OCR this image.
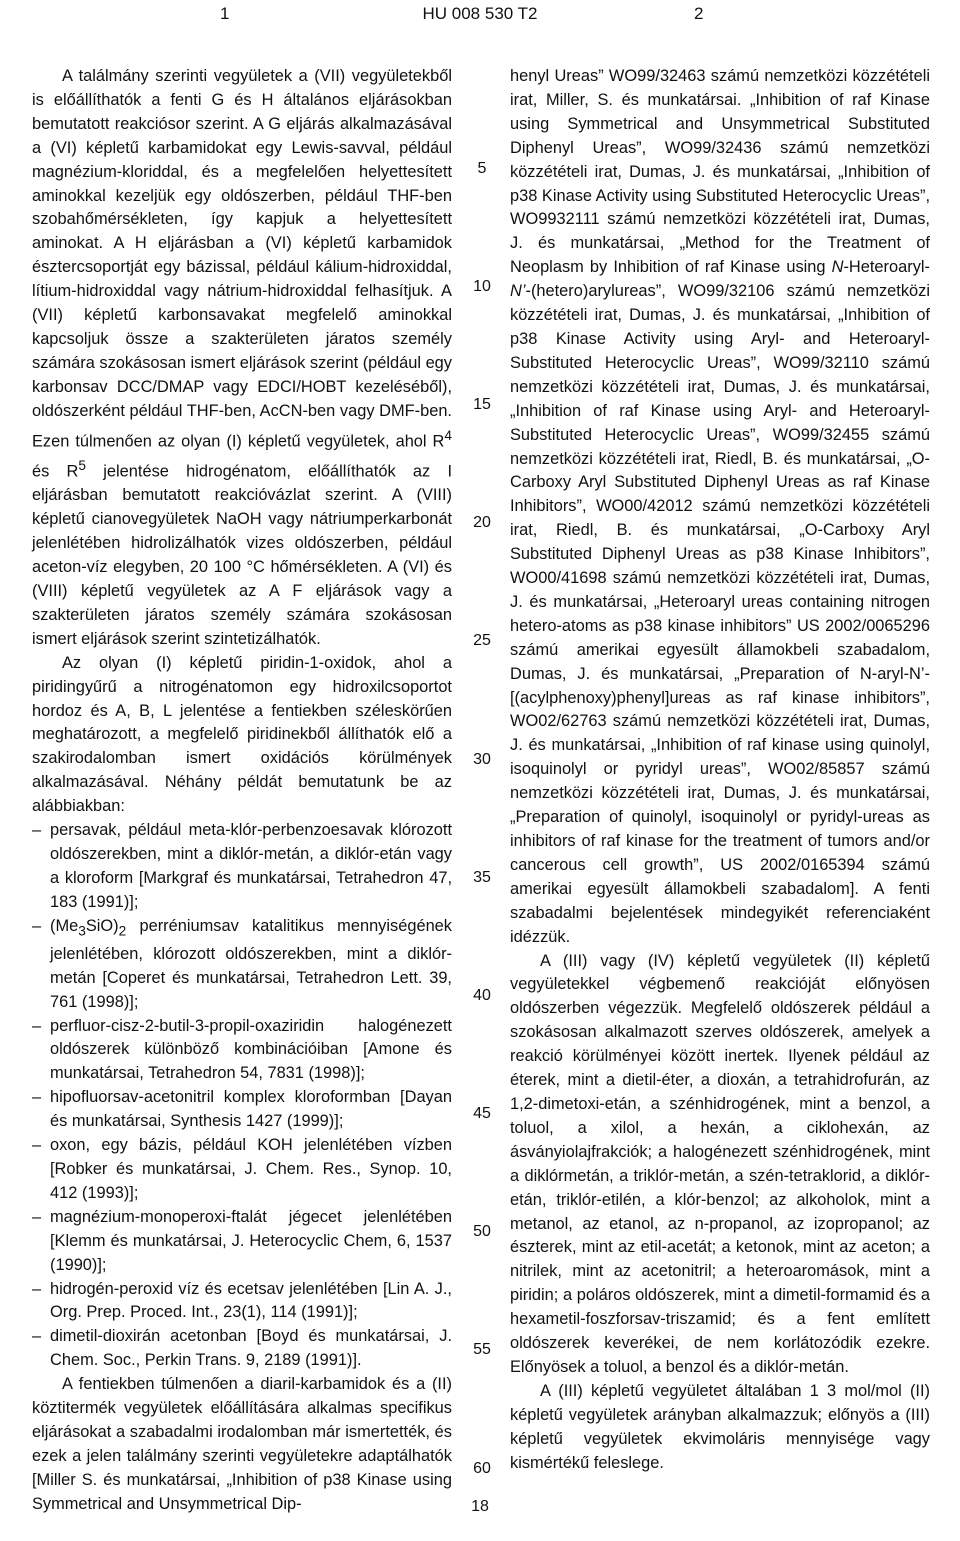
1	HU 008 530 T2	2

A találmány szerinti vegyületek a (VII) vegyületekből is előállíthatók a fenti G és H általános eljárásokban bemutatott reakciósor szerint. A G eljárás alkalmazásával a (VI) képletű karbamidokat egy Lewis-savval, például magnézium-kloriddal, és a megfelelően helyettesített aminokkal kezeljük egy oldószerben, például THF-ben szobahőmérsékleten, így kapjuk a helyettesített aminokat. A H eljárásban a (VI) képletű karbamidok észtercsoportját egy bázissal, például kálium-hidroxiddal, lítium-hidroxiddal vagy nátrium-hidroxiddal felhasítjuk. A (VII) képletű karbonsavakat megfelelő aminokkal kapcsoljuk össze a szakterületen járatos személy számára szokásosan ismert eljárások szerint (például egy karbonsav DCC/DMAP vagy EDCI/HOBT kezeléséből), oldószerként például THF-ben, AcCN-ben vagy DMF-ben. Ezen túlmenően az olyan (I) képletű vegyületek, ahol $R^4$ és $R^5$ jelentése hidrogénatom, előállíthatók az I eljárásban bemutatott reakcióvázlat szerint. A (VIII) képletű cianovegyületek NaOH vagy nátriumperkarbonát jelenlétében hidrolizálhatók vizes oldószerben, például aceton-víz elegyben, 20 100 °C hőmérsékleten. A (VI) és (VIII) képletű vegyületek az A F eljárások vagy a szakterületen járatos személy számára szokásosan ismert eljárások szerint szintetizálhatók.

Az olyan (I) képletű piridin-1-oxidok, ahol a piridingyűrű a nitrogénatomon egy hidroxilcsoportot hordoz és A, B, L jelentése a fentiekben széleskörűen meghatározott, a megfelelő piridinekből állíthatók elő a szakirodalomban ismert oxidációs körülmények alkalmazásával. Néhány példát bemutatunk be az alábbiakban:

– persavak, például meta-klór-perbenzoesavak klórozott oldószerekben, mint a diklór-metán, a diklór-etán vagy a kloroform [Markgraf és munkatársai, Tetrahedron 47, 183 (1991)];
– $(Me_3SiO)_2$ perréniumsav katalitikus mennyiségének jelenlétében, klórozott oldószerekben, mint a diklór-metán [Coperet és munkatársai, Tetrahedron Lett. 39, 761 (1998)];
– perfluor-cisz-2-butil-3-propil-oxaziridin halogénezett oldószerek különböző kombinációiban [Amone és munkatársai, Tetrahedron 54, 7831 (1998)];
– hipofluorsav-acetonitril komplex kloroformban [Dayan és munkatársai, Synthesis 1427 (1999)];
– oxon, egy bázis, például KOH jelenlétében vízben [Robker és munkatársai, J. Chem. Res., Synop. 10, 412 (1993)];
– magnézium-monoperoxi-ftalát jégecet jelenlétében [Klemm és munkatársai, J. Heterocyclic Chem, 6, 1537 (1990)];
– hidrogén-peroxid víz és ecetsav jelenlétében [Lin A. J., Org. Prep. Proced. Int., 23(1), 114 (1991)];
– dimetil-dioxirán acetonban [Boyd és munkatársai, J. Chem. Soc., Perkin Trans. 9, 2189 (1991)].

A fentiekben túlmenően a diaril-karbamidok és a (II) köztitermék vegyületek előállítására alkalmas specifikus eljárásokat a szabadalmi irodalomban már ismertették, és ezek a jelen találmány szerinti vegyületekre adaptálhatók [Miller S. és munkatársai, „Inhibition of p38 Kinase using Symmetrical and Unsymmetrical Dip-

5
10
15
20
25
30
35
40
45
50
55
60

henyl Ureas” WO99/32463 számú nemzetközi közzétételi irat, Miller, S. és munkatársai. „Inhibition of raf Kinase using Symmetrical and Unsymmetrical Substituted Diphenyl Ureas”, WO99/32436 számú nemzetközi közzétételi irat, Dumas, J. és munkatársai, „Inhibition of p38 Kinase Activity using Substituted Heterocyclic Ureas”, WO9932111 számú nemzetközi közzétételi irat, Dumas, J. és munkatársai, „Method for the Treatment of Neoplasm by Inhibition of raf Kinase using N-Heteroaryl-N’-(hetero)arylureas”, WO99/32106 számú nemzetközi közzétételi irat, Dumas, J. és munkatársai, „Inhibition of p38 Kinase Activity using Aryl- and Heteroaryl- Substituted Heterocyclic Ureas”, WO99/32110 számú nemzetközi közzétételi irat, Dumas, J. és munkatársai, „Inhibition of raf Kinase using Aryl- and Heteroaryl- Substituted Heterocyclic Ureas”, WO99/32455 számú nemzetközi közzétételi irat, Riedl, B. és munkatársai, „O-Carboxy Aryl Substituted Diphenyl Ureas as raf Kinase Inhibitors”, WO00/42012 számú nemzetközi közzétételi irat, Riedl, B. és munkatársai, „O-Carboxy Aryl Substituted Diphenyl Ureas as p38 Kinase Inhibitors”, WO00/41698 számú nemzetközi közzétételi irat, Dumas, J. és munkatársai, „Heteroaryl ureas containing nitrogen hetero-atoms as p38 kinase inhibitors” US 2002/0065296 számú amerikai egyesült államokbeli szabadalom, Dumas, J. és munkatársai, „Preparation of N-aryl-N’-[(acylphenoxy)phenyl]ureas as raf kinase inhibitors”, WO02/62763 számú nemzetközi közzétételi irat, Dumas, J. és munkatársai, „Inhibition of raf kinase using quinolyl, isoquinolyl or pyridyl ureas”, WO02/85857 számú nemzetközi közzétételi irat, Dumas, J. és munkatársai, „Preparation of quinolyl, isoquinolyl or pyridyl-ureas as inhibitors of raf kinase for the treatment of tumors and/or cancerous cell growth”, US 2002/0165394 számú amerikai egyesült államokbeli szabadalom]. A fenti szabadalmi bejelentések mindegyikét referenciaként idézzük.

A (III) vagy (IV) képletű vegyületek (II) képletű vegyületekkel végbemenő reakcióját előnyösen oldószerben végezzük. Megfelelő oldószerek például a szokásosan alkalmazott szerves oldószerek, amelyek a reakció körülményei között inertek. Ilyenek például az éterek, mint a dietil-éter, a dioxán, a tetrahidrofurán, az 1,2-dimetoxi-etán, a szénhidrogének, mint a benzol, a toluol, a xilol, a hexán, a ciklohexán, az ásványiolajfrakciók; a halogénezett szénhidrogének, mint a diklórmetán, a triklór-metán, a szén-tetraklorid, a diklór-etán, triklór-etilén, a klór-benzol; az alkoholok, mint a metanol, az etanol, az n-propanol, az izopropanol; az észterek, mint az etil-acetát; a ketonok, mint az aceton; a nitrilek, mint az acetonitril; a heteroaromások, mint a piridin; a poláros oldószerek, mint a dimetil-formamid és a hexametil-foszforsav-triszamid; és a fent említett oldószerek keverékei, de nem korlátozódik ezekre. Előnyösek a toluol, a benzol és a diklór-metán.

A (III) képletű vegyületet általában 1 3 mol/mol (II) képletű vegyületek arányban alkalmazzuk; előnyös a (III) képletű vegyületek ekvimoláris mennyisége vagy kismértékű feleslege.

18
